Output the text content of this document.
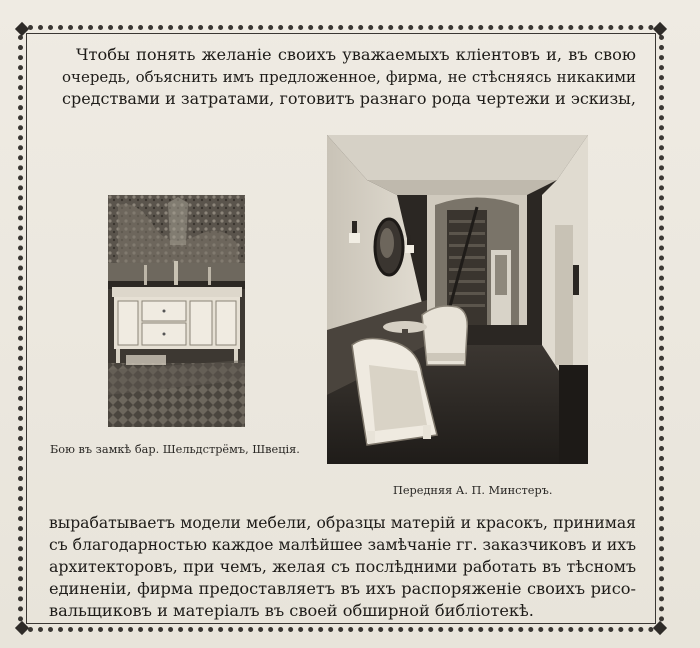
Чтобы понять желаніе своихъ уважаемыхъ кліентовъ и, въ свою
очередь, объяснить имъ предложенное, фирма, не стѣсняясь никакими
средствами и затратами, готовитъ разнаго рода чертежи и эскизы,

Бою въ замкѣ бар. Шельдстрёмъ, Швеція.
Передняя А. П. Минстеръ.

вырабатываетъ модели мебели, образцы матерій и красокъ, принимая
съ благодарностью каждое малѣйшее замѣчаніе гг. заказчиковъ и ихъ
архитекторовъ, при чемъ, желая съ послѣдними работать въ тѣсномъ
единеніи, фирма предоставляетъ въ ихъ распоряженіе своихъ рисо-
вальщиковъ и матеріалъ въ своей обширной библіотекѣ.
